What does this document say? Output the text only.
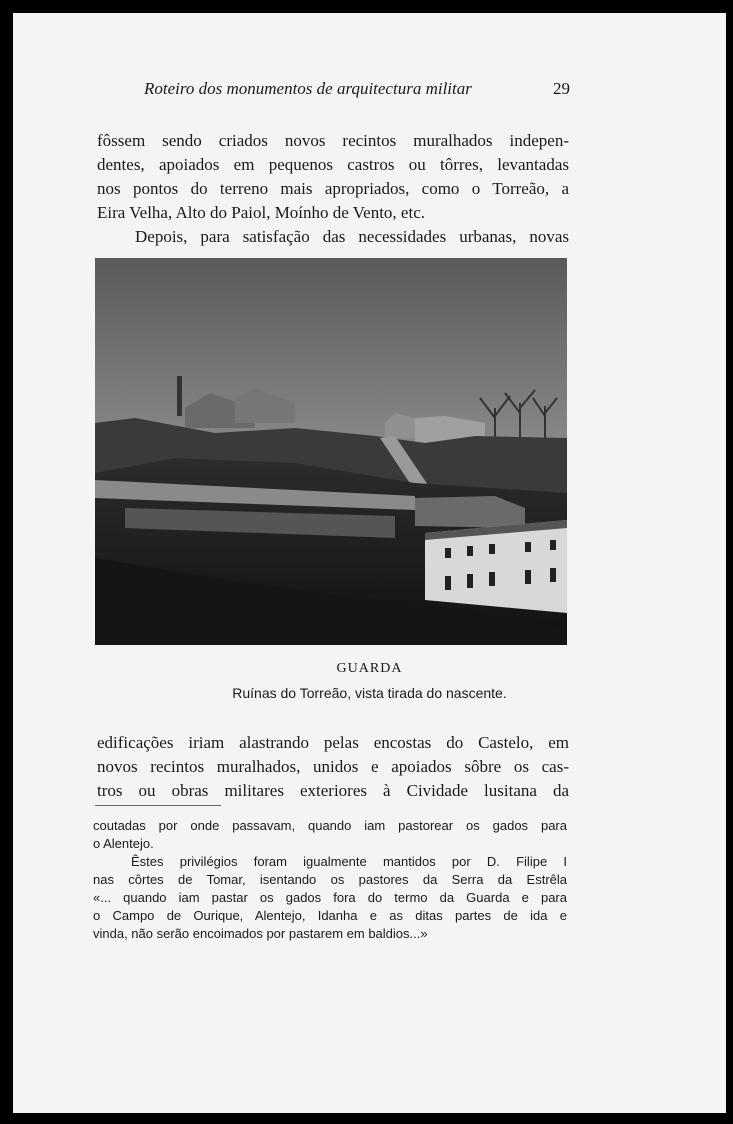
Roteiro dos monumentos de arquitectura militar	29
fôssem sendo criados novos recintos muralhados indepen-
dentes, apoiados em pequenos castros ou tôrres, levantadas
nos pontos do terreno mais apropriados, como o Torreão, a
Eira Velha, Alto do Paiol, Moínho de Vento, etc.
Depois, para satisfação das necessidades urbanas, novas
GUARDA
Ruínas do Torreão, vista tirada do nascente.
edificações iriam alastrando pelas encostas do Castelo, em
novos recintos muralhados, unidos e apoiados sôbre os cas-
tros ou obras militares exteriores à Cividade lusitana da
coutadas por onde passavam, quando iam pastorear os gados para
o Alentejo.
Êstes privilégios foram igualmente mantidos por D. Filipe I
nas côrtes de Tomar, isentando os pastores da Serra da Estrêla
«... quando iam pastar os gados fora do termo da Guarda e para
o Campo de Ourique, Alentejo, Idanha e as ditas partes de ida e
vinda, não serão encoimados por pastarem em baldios...»
